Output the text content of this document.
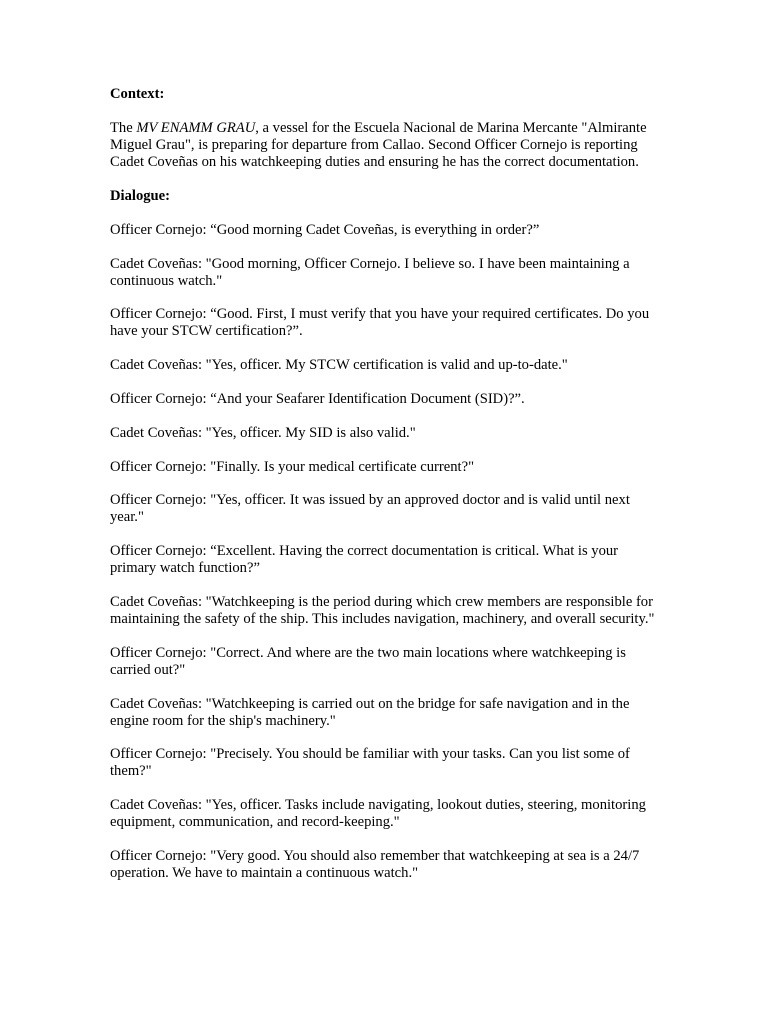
Context:

The MV ENAMM GRAU, a vessel for the Escuela Nacional de Marina Mercante "Almirante Miguel Grau", is preparing for departure from Callao. Second Officer Cornejo is reporting Cadet Coveñas on his watchkeeping duties and ensuring he has the correct documentation.

Dialogue:

Officer Cornejo: “Good morning Cadet Coveñas, is everything in order?”

Cadet Coveñas: "Good morning, Officer Cornejo. I believe so. I have been maintaining a continuous watch."

Officer Cornejo: “Good. First, I must verify that you have your required certificates. Do you have your STCW certification?”.

Cadet Coveñas: "Yes, officer. My STCW certification is valid and up-to-date."

Officer Cornejo: “And your Seafarer Identification Document (SID)?”.

Cadet Coveñas: "Yes, officer. My SID is also valid."

Officer Cornejo: "Finally. Is your medical certificate current?"

Officer Cornejo: "Yes, officer. It was issued by an approved doctor and is valid until next year."

Officer Cornejo: “Excellent. Having the correct documentation is critical. What is your primary watch function?”

Cadet Coveñas: "Watchkeeping is the period during which crew members are responsible for maintaining the safety of the ship. This includes navigation, machinery, and overall security."

Officer Cornejo: "Correct. And where are the two main locations where watchkeeping is carried out?"

Cadet Coveñas: "Watchkeeping is carried out on the bridge for safe navigation and in the engine room for the ship's machinery."

Officer Cornejo: "Precisely. You should be familiar with your tasks. Can you list some of them?"

Cadet Coveñas: "Yes, officer. Tasks include navigating, lookout duties, steering, monitoring equipment, communication, and record-keeping."

Officer Cornejo: "Very good. You should also remember that watchkeeping at sea is a 24/7 operation. We have to maintain a continuous watch."
